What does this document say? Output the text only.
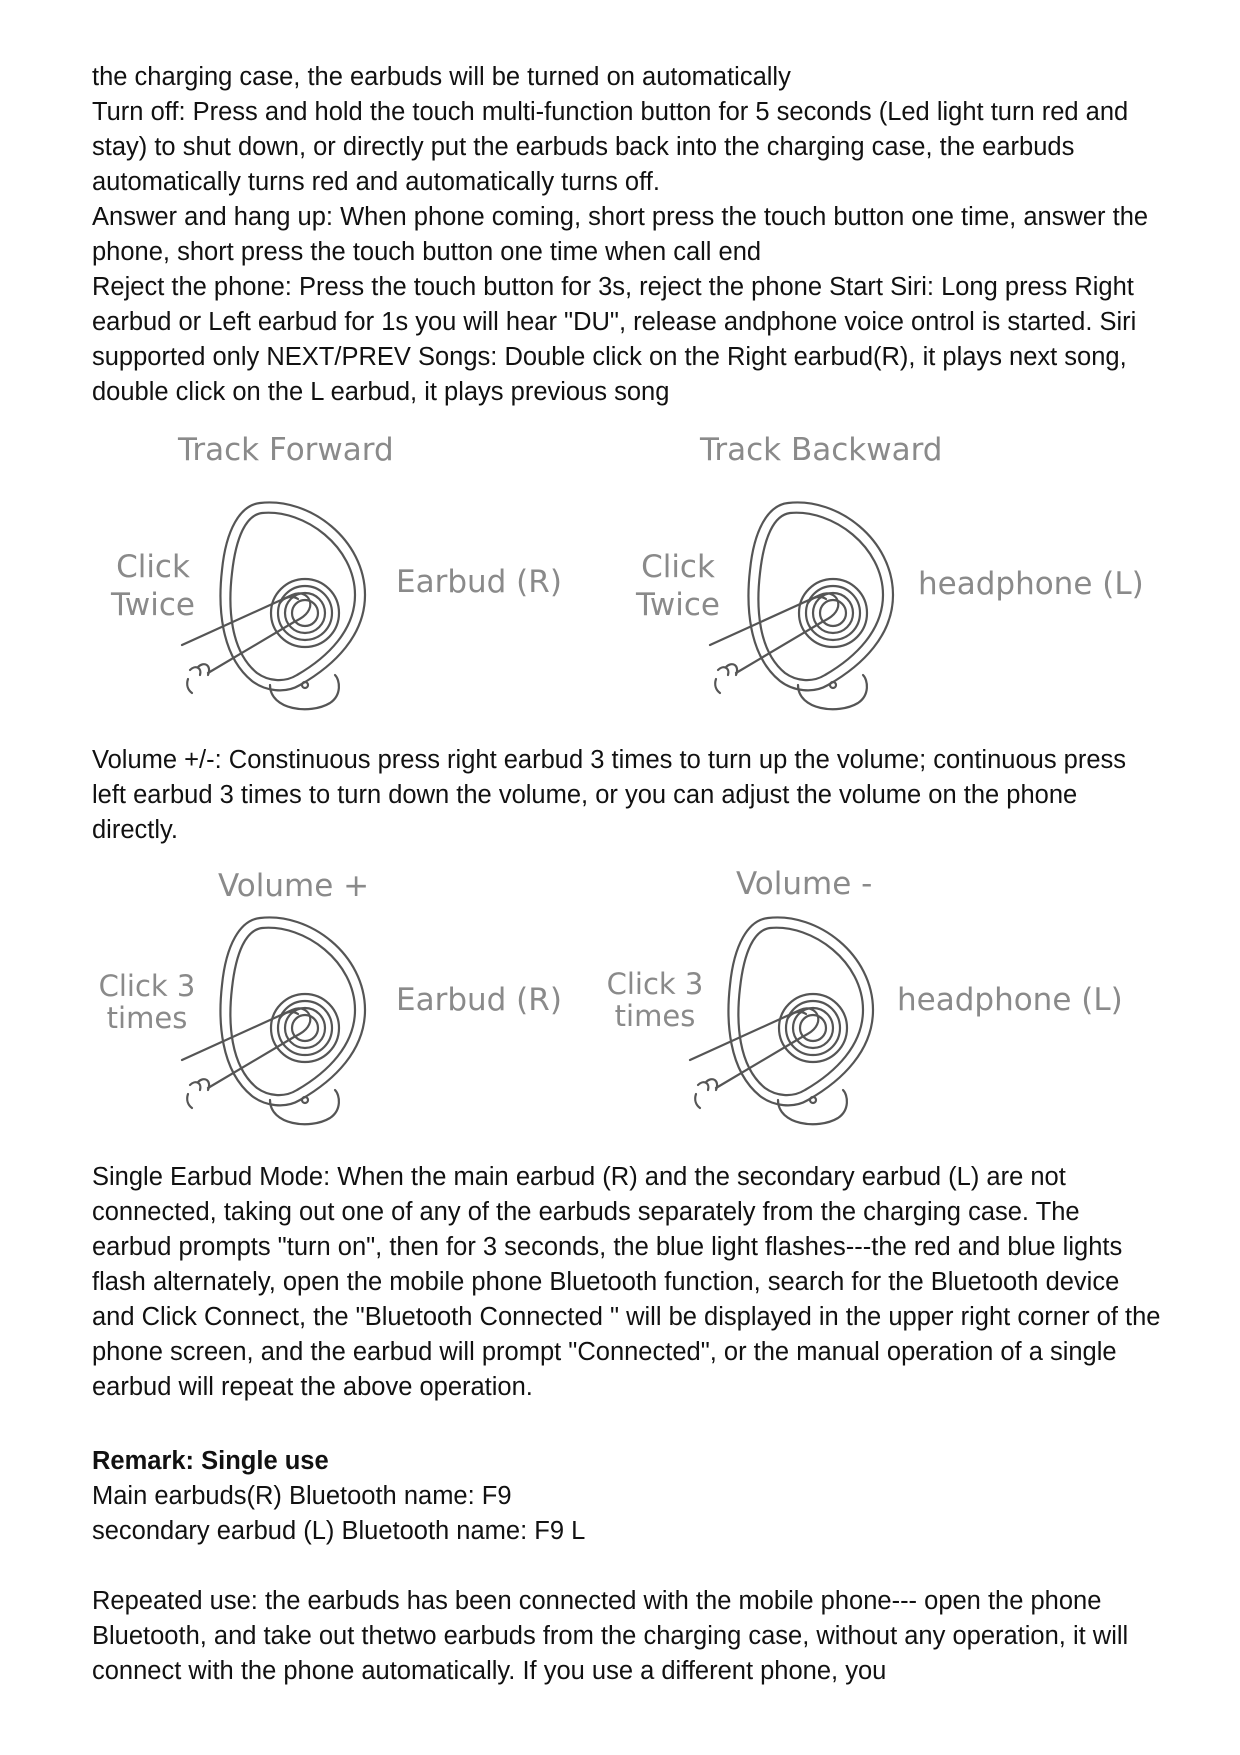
the charging case, the earbuds will be turned on automatically

Turn off: Press and hold the touch multi-function button for 5 seconds (Led light turn red and stay) to shut down, or directly put the earbuds back into the charging case, the earbuds automatically turns red and automatically turns off.

Answer and hang up: When phone coming, short press the touch button one time, answer the phone, short press the touch button one time when call end

Reject the phone: Press the touch button for 3s, reject the phone Start Siri: Long press Right earbud or Left earbud for 1s you will hear "DU", release andphone voice ontrol is started. Siri supported only NEXT/PREV Songs: Double click on the Right earbud(R), it plays next song, double click on the L earbud, it plays previous song

Track Forward
Click
Twice
Earbud (R)
Track Backward
Click
Twice
headphone (L)

Volume +/-: Constinuous press right earbud 3 times to turn up the volume; continuous press left earbud 3 times to turn down the volume, or you can adjust the volume on the phone directly.

Volume +
Click 3
times	Earbud (R)
Volume -
Click 3
times	headphone (L)

Single Earbud Mode: When the main earbud (R) and the secondary earbud (L) are not connected, taking out one of any of the earbuds separately from the charging case. The earbud prompts "turn on", then for 3 seconds, the blue light flashes---the red and blue lights flash alternately, open the mobile phone Bluetooth function, search for the Bluetooth device and Click Connect, the "Bluetooth Connected " will be displayed in the upper right corner of the phone screen, and the earbud will prompt "Connected", or the manual operation of a single earbud will repeat the above operation.

Remark: Single use

Main earbuds(R) Bluetooth name: F9

secondary earbud (L) Bluetooth name: F9 L

Repeated use: the earbuds has been connected with the mobile phone--- open the phone Bluetooth, and take out thetwo earbuds from the charging case, without any operation, it will connect with the phone automatically. If you use a different phone, you
